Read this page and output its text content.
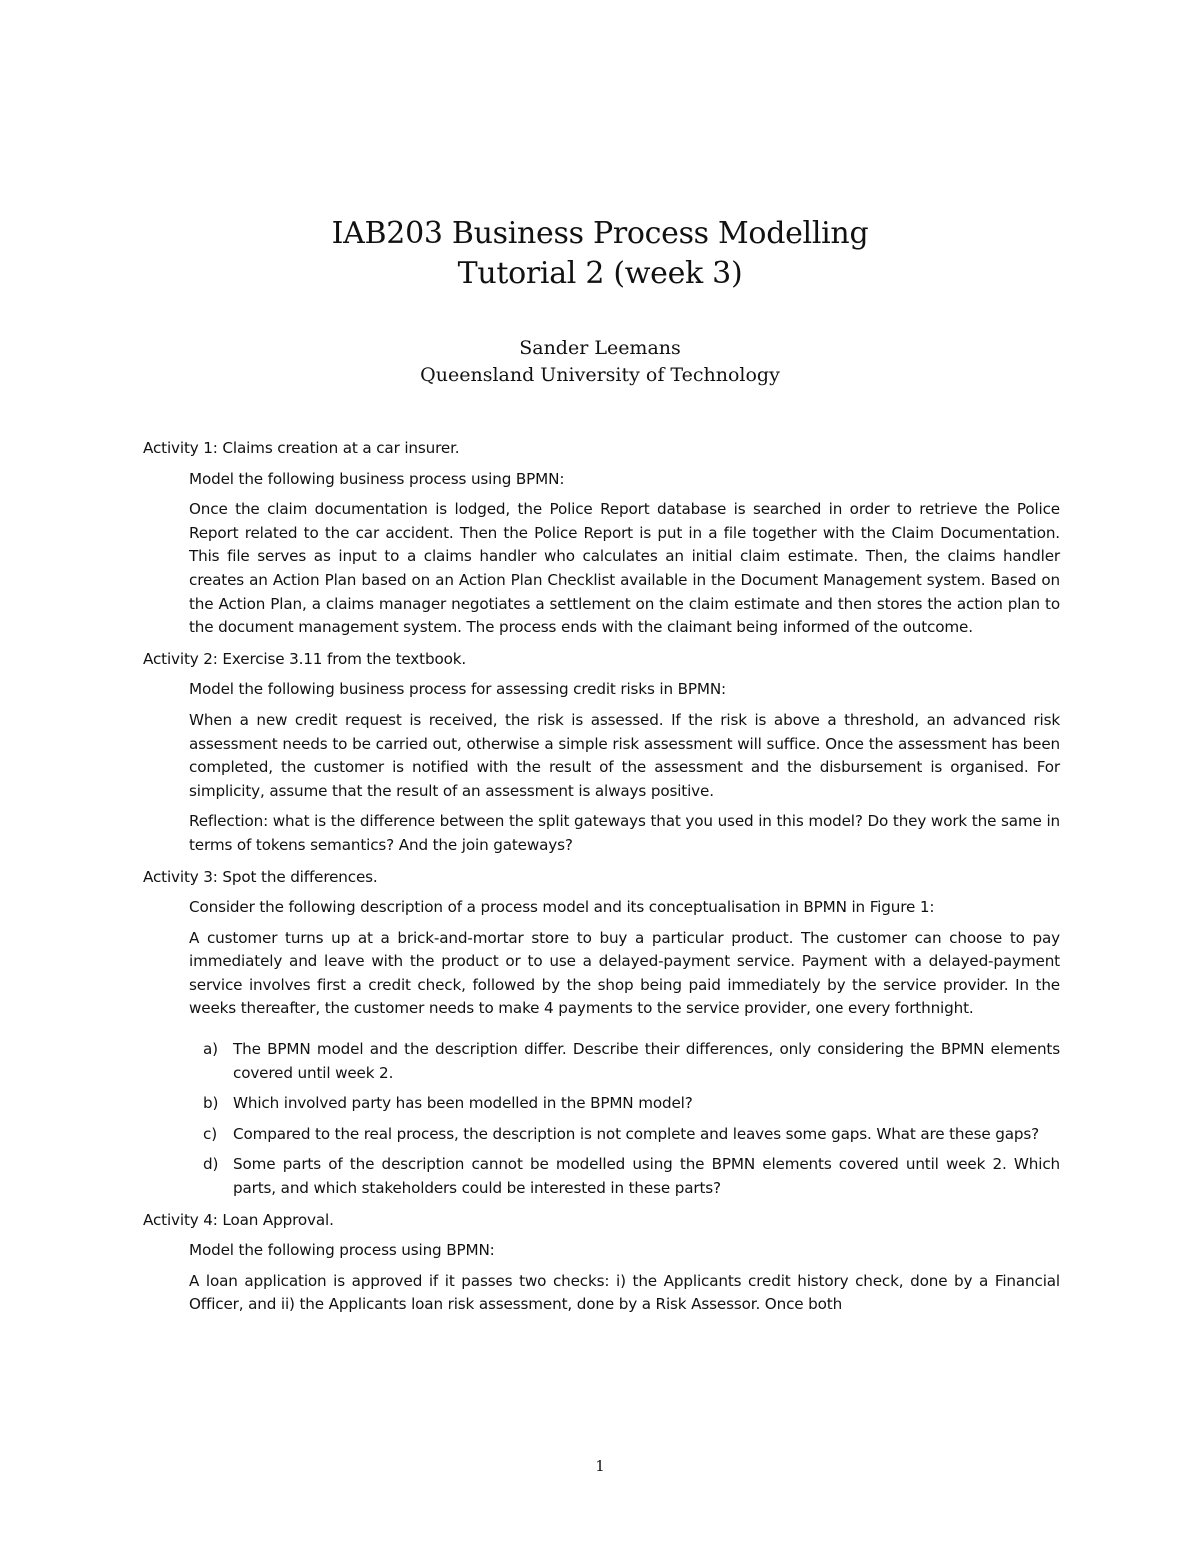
IAB203 Business Process Modelling
Tutorial 2 (week 3)
Sander Leemans
Queensland University of Technology
Activity 1: Claims creation at a car insurer.
Model the following business process using BPMN:
Once the claim documentation is lodged, the Police Report database is searched in order to retrieve the Police Report related to the car accident. Then the Police Report is put in a file together with the Claim Documentation. This file serves as input to a claims handler who calculates an initial claim estimate. Then, the claims handler creates an Action Plan based on an Action Plan Checklist available in the Document Management system. Based on the Action Plan, a claims manager negotiates a settlement on the claim estimate and then stores the action plan to the document management system. The process ends with the claimant being informed of the outcome.
Activity 2: Exercise 3.11 from the textbook.
Model the following business process for assessing credit risks in BPMN:
When a new credit request is received, the risk is assessed. If the risk is above a threshold, an advanced risk assessment needs to be carried out, otherwise a simple risk assessment will suffice. Once the assessment has been completed, the customer is notified with the result of the assessment and the disbursement is organised. For simplicity, assume that the result of an assessment is always positive.
Reflection: what is the difference between the split gateways that you used in this model? Do they work the same in terms of tokens semantics? And the join gateways?
Activity 3: Spot the differences.
Consider the following description of a process model and its conceptualisation in BPMN in Figure 1:
A customer turns up at a brick-and-mortar store to buy a particular product. The customer can choose to pay immediately and leave with the product or to use a delayed-payment service. Payment with a delayed-payment service involves first a credit check, followed by the shop being paid immediately by the service provider. In the weeks thereafter, the customer needs to make 4 payments to the service provider, one every forthnight.
a) The BPMN model and the description differ. Describe their differences, only considering the BPMN elements covered until week 2.
b) Which involved party has been modelled in the BPMN model?
c) Compared to the real process, the description is not complete and leaves some gaps. What are these gaps?
d) Some parts of the description cannot be modelled using the BPMN elements covered until week 2. Which parts, and which stakeholders could be interested in these parts?
Activity 4: Loan Approval.
Model the following process using BPMN:
A loan application is approved if it passes two checks: i) the Applicants credit history check, done by a Financial Officer, and ii) the Applicants loan risk assessment, done by a Risk Assessor. Once both
1
